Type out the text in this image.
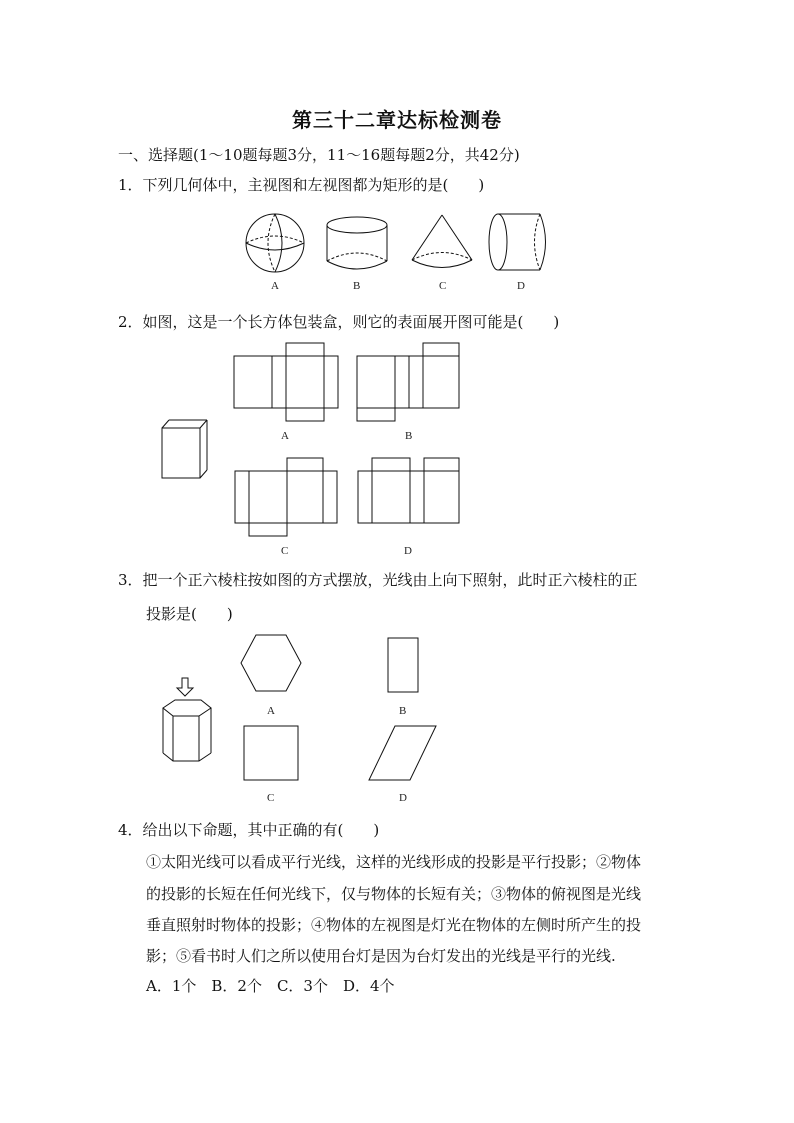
第三十二章达标检测卷
一、选择题(1～10题每题3分，11～16题每题2分，共42分)
1．下列几何体中，主视图和左视图都为矩形的是(　　)
A	B	C	D
2．如图，这是一个长方体包装盒，则它的表面展开图可能是(　　)
A	B
C	D
3．把一个正六棱柱按如图的方式摆放，光线由上向下照射，此时正六棱柱的正
投影是(　　)
A	B
C	D
4．给出以下命题，其中正确的有(　　)
①太阳光线可以看成平行光线，这样的光线形成的投影是平行投影；②物体
的投影的长短在任何光线下，仅与物体的长短有关；③物体的俯视图是光线
垂直照射时物体的投影；④物体的左视图是灯光在物体的左侧时所产生的投
影；⑤看书时人们之所以使用台灯是因为台灯发出的光线是平行的光线.
A．1个　B．2个　C．3个　D．4个
